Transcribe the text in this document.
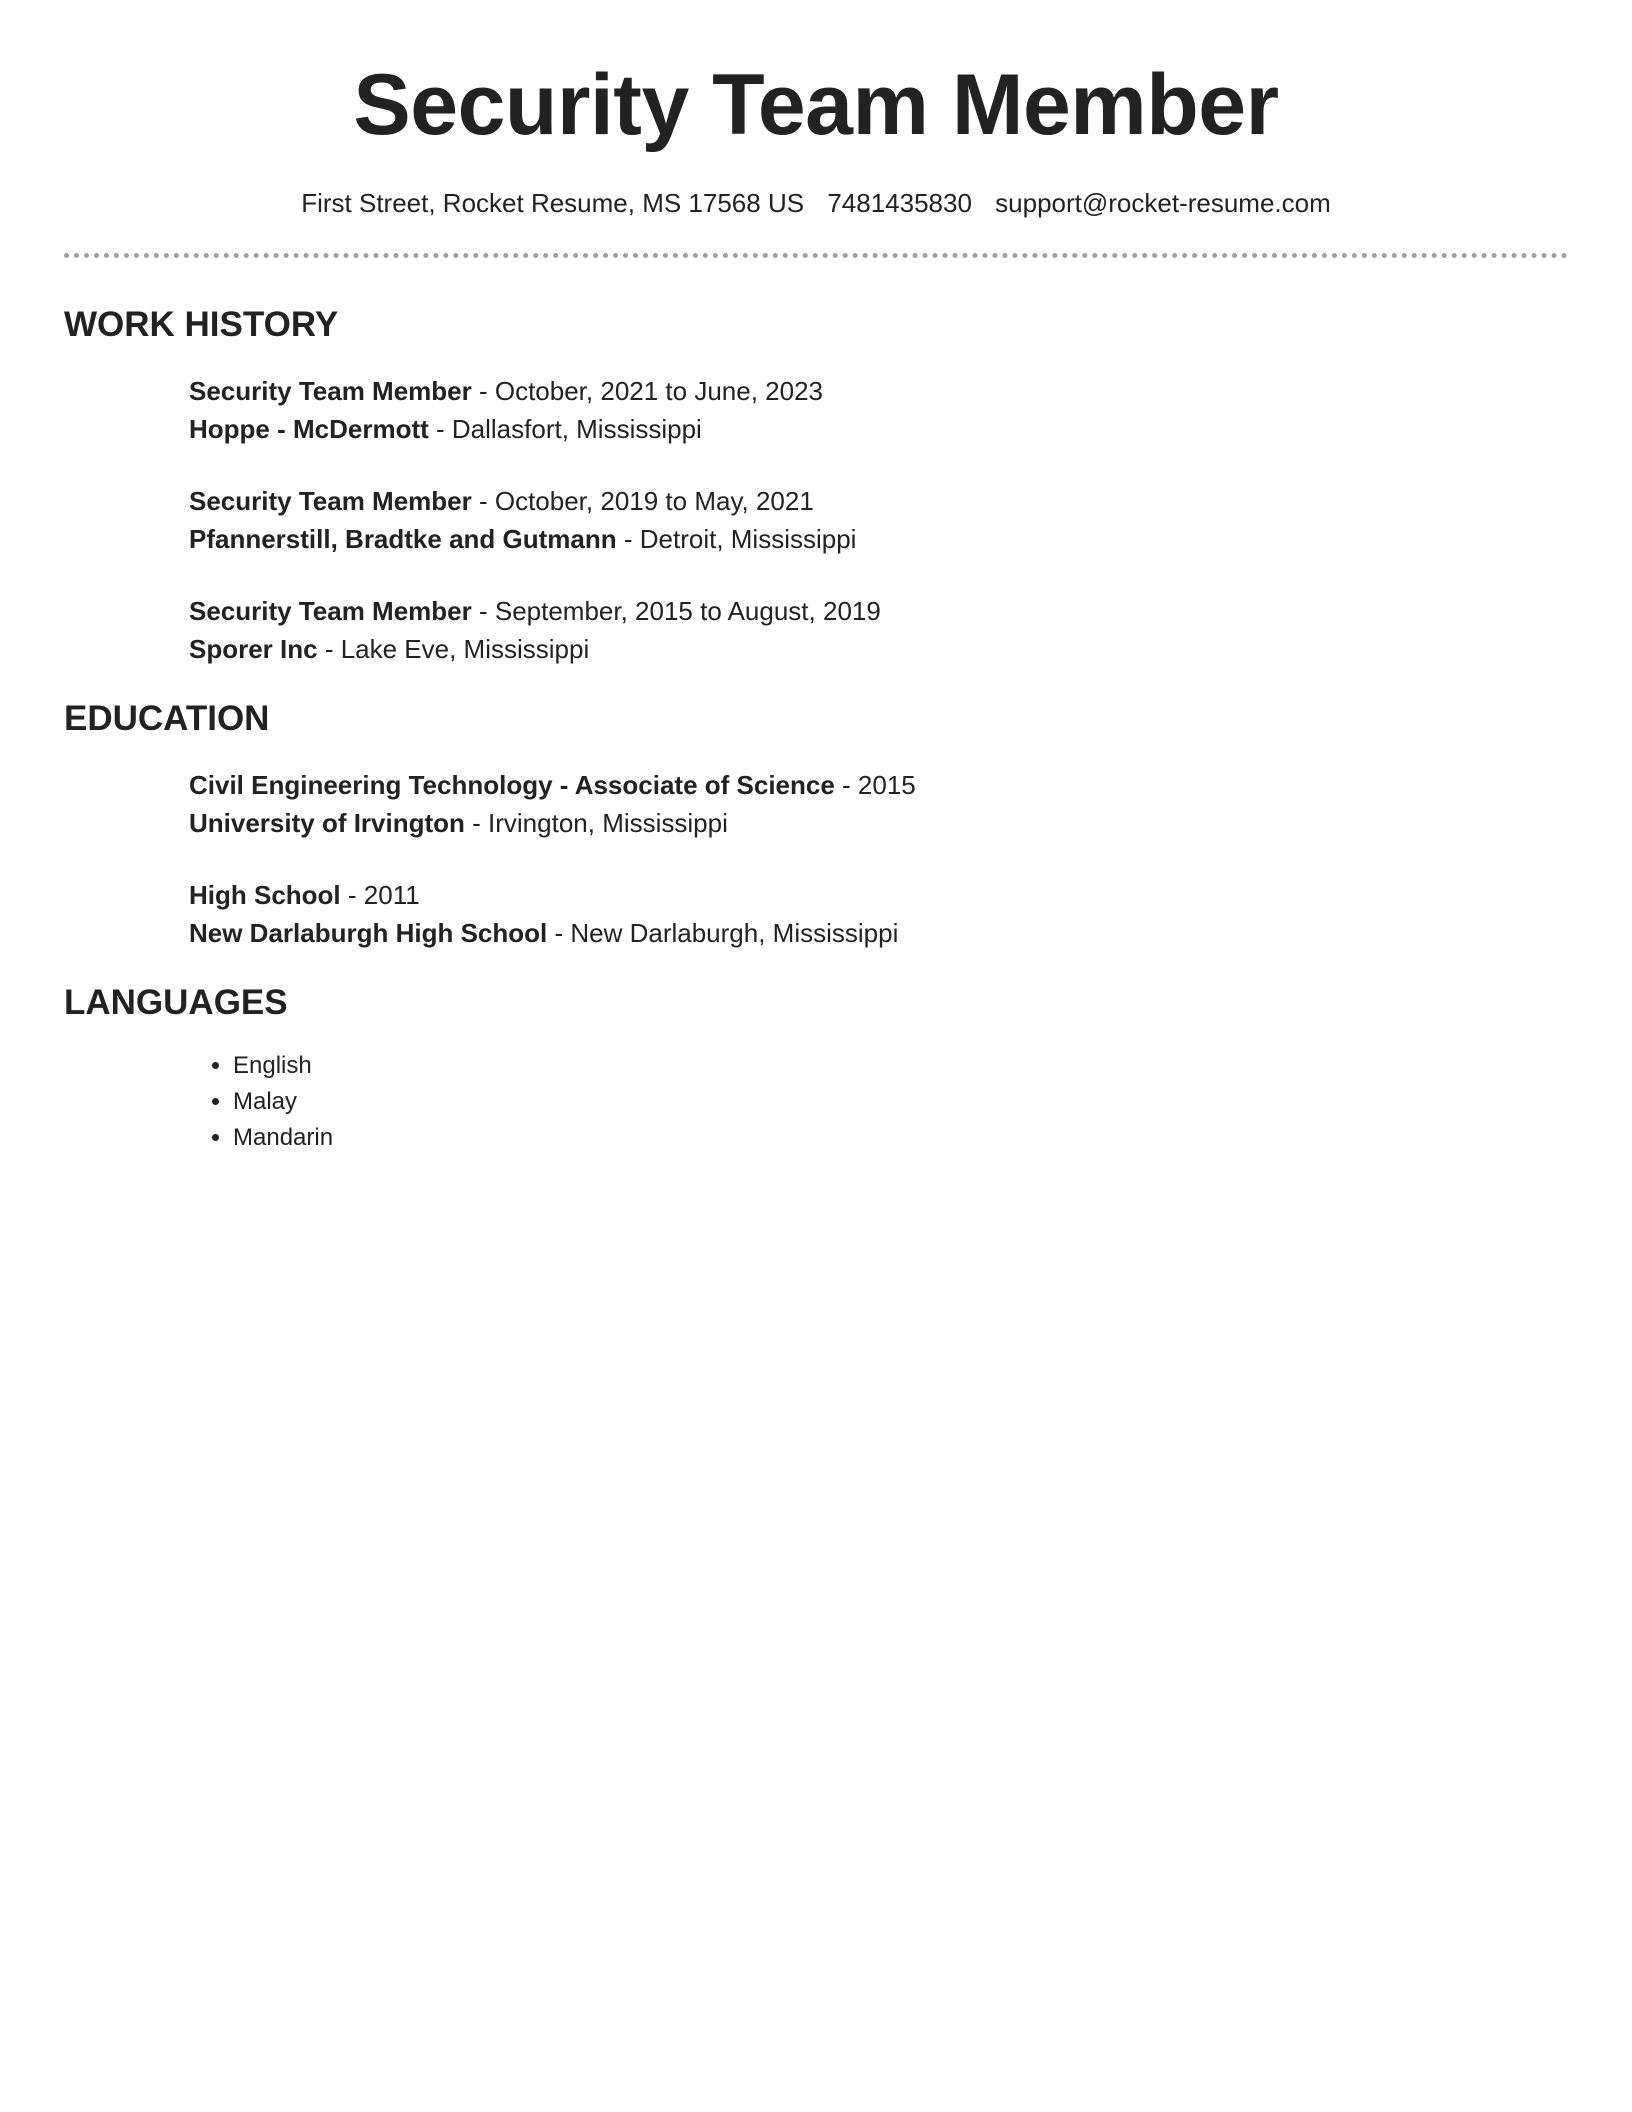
Security Team Member
First Street, Rocket Resume, MS 17568 US 7481435830 support@rocket-resume.com
WORK HISTORY
Security Team Member - October, 2021 to June, 2023
Hoppe - McDermott - Dallasfort, Mississippi
Security Team Member - October, 2019 to May, 2021
Pfannerstill, Bradtke and Gutmann - Detroit, Mississippi
Security Team Member - September, 2015 to August, 2019
Sporer Inc - Lake Eve, Mississippi
EDUCATION
Civil Engineering Technology - Associate of Science - 2015
University of Irvington - Irvington, Mississippi
High School - 2011
New Darlaburgh High School - New Darlaburgh, Mississippi
LANGUAGES
• English
• Malay
• Mandarin
